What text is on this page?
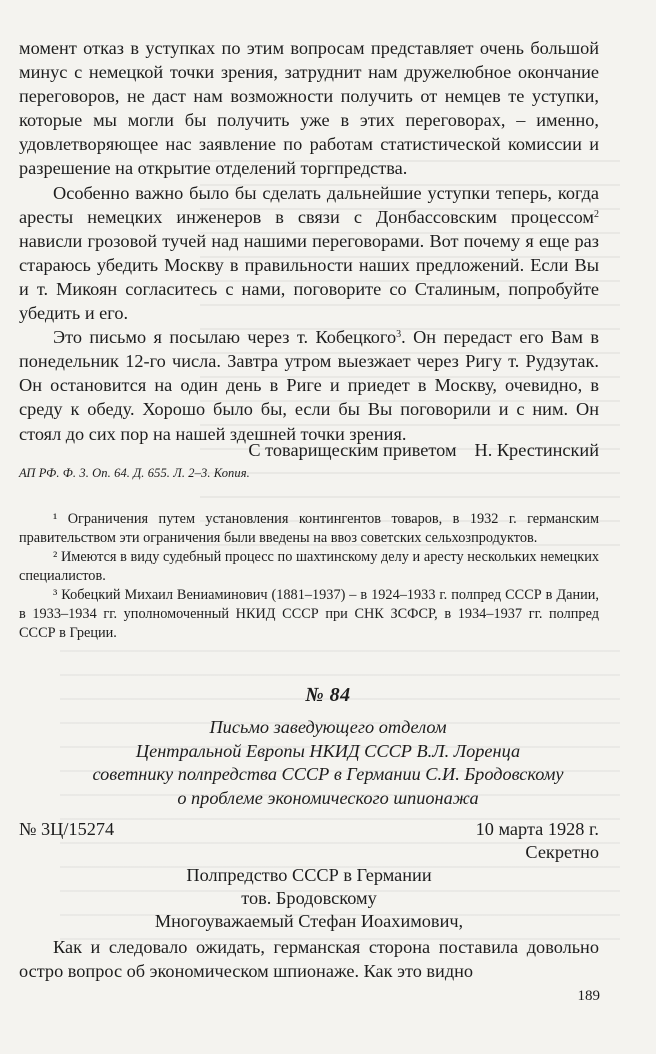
момент отказ в уступках по этим вопросам представляет очень большой минус с немецкой точки зрения, затруднит нам дружелюбное окончание переговоров, не даст нам возможности получить от немцев те уступки, которые мы могли бы получить уже в этих переговорах, – именно, удовлетворяющее нас заявление по работам статистической комиссии и разрешение на открытие отделений торгпредства.

Особенно важно было бы сделать дальнейшие уступки теперь, когда аресты немецких инженеров в связи с Донбассовским процессом$^2$ нависли грозовой тучей над нашими переговорами. Вот почему я еще раз стараюсь убедить Москву в правильности наших предложений. Если Вы и т. Микоян согласитесь с нами, поговорите со Сталиным, попробуйте убедить и его.

Это письмо я посылаю через т. Кобецкого$^3$. Он передаст его Вам в понедельник 12-го числа. Завтра утром выезжает через Ригу т. Рудзутак. Он остановится на один день в Риге и приедет в Москву, очевидно, в среду к обеду. Хорошо было бы, если бы Вы поговорили и с ним. Он стоял до сих пор на нашей здешней точки зрения.

С товарищеским приветом Н. Крестинский
АП РФ. Ф. 3. Оп. 64. Д. 655. Л. 2–3. Копия.

¹ Ограничения путем установления контингентов товаров, в 1932 г. германским правительством эти ограничения были введены на ввоз советских сельхозпродуктов.

² Имеются в виду судебный процесс по шахтинскому делу и аресту нескольких немецких специалистов.

³ Кобецкий Михаил Вениаминович (1881–1937) – в 1924–1933 г. полпред СССР в Дании, в 1933–1934 гг. уполномоченный НКИД СССР при СНК ЗСФСР, в 1934–1937 гг. полпред СССР в Греции.

№ 84
Письмо заведующего отделом
Центральной Европы НКИД СССР В.Л. Лоренца
советнику полпредства СССР в Германии С.И. Бродовскому
о проблеме экономического шпионажа
№ 3Ц/15274	10 марта 1928 г.
Секретно
Полпредство СССР в Германии
тов. Бродовскому
Многоуважаемый Стефан Иоахимович,

Как и следовало ожидать, германская сторона поставила довольно остро вопрос об экономическом шпионаже. Как это видно

189
